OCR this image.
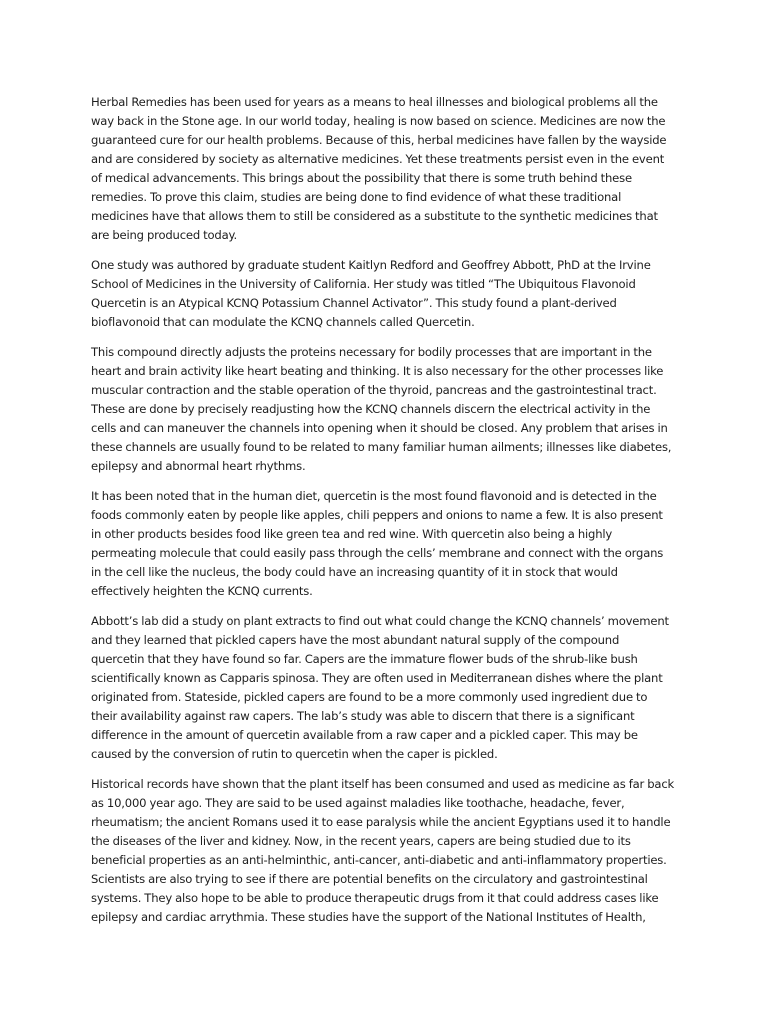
Herbal Remedies has been used for years as a means to heal illnesses and biological problems all the way back in the Stone age. In our world today, healing is now based on science. Medicines are now the guaranteed cure for our health problems. Because of this, herbal medicines have fallen by the wayside and are considered by society as alternative medicines. Yet these treatments persist even in the event of medical advancements. This brings about the possibility that there is some truth behind these remedies. To prove this claim, studies are being done to find evidence of what these traditional medicines have that allows them to still be considered as a substitute to the synthetic medicines that are being produced today.

One study was authored by graduate student Kaitlyn Redford and Geoffrey Abbott, PhD at the Irvine School of Medicines in the University of California. Her study was titled “The Ubiquitous Flavonoid Quercetin is an Atypical KCNQ Potassium Channel Activator”. This study found a plant-derived bioflavonoid that can modulate the KCNQ channels called Quercetin.

This compound directly adjusts the proteins necessary for bodily processes that are important in the heart and brain activity like heart beating and thinking. It is also necessary for the other processes like muscular contraction and the stable operation of the thyroid, pancreas and the gastrointestinal tract. These are done by precisely readjusting how the KCNQ channels discern the electrical activity in the cells and can maneuver the channels into opening when it should be closed. Any problem that arises in these channels are usually found to be related to many familiar human ailments; illnesses like diabetes, epilepsy and abnormal heart rhythms.

It has been noted that in the human diet, quercetin is the most found flavonoid and is detected in the foods commonly eaten by people like apples, chili peppers and onions to name a few. It is also present in other products besides food like green tea and red wine. With quercetin also being a highly permeating molecule that could easily pass through the cells’ membrane and connect with the organs in the cell like the nucleus, the body could have an increasing quantity of it in stock that would effectively heighten the KCNQ currents.

Abbott’s lab did a study on plant extracts to find out what could change the KCNQ channels’ movement and they learned that pickled capers have the most abundant natural supply of the compound quercetin that they have found so far. Capers are the immature flower buds of the shrub-like bush scientifically known as Capparis spinosa. They are often used in Mediterranean dishes where the plant originated from. Stateside, pickled capers are found to be a more commonly used ingredient due to their availability against raw capers. The lab’s study was able to discern that there is a significant difference in the amount of quercetin available from a raw caper and a pickled caper. This may be caused by the conversion of rutin to quercetin when the caper is pickled.

Historical records have shown that the plant itself has been consumed and used as medicine as far back as 10,000 year ago. They are said to be used against maladies like toothache, headache, fever, rheumatism; the ancient Romans used it to ease paralysis while the ancient Egyptians used it to handle the diseases of the liver and kidney. Now, in the recent years, capers are being studied due to its beneficial properties as an anti-helminthic, anti-cancer, anti-diabetic and anti-inflammatory properties. Scientists are also trying to see if there are potential benefits on the circulatory and gastrointestinal systems. They also hope to be able to produce therapeutic drugs from it that could address cases like epilepsy and cardiac arrythmia. These studies have the support of the National Institutes of Health,
